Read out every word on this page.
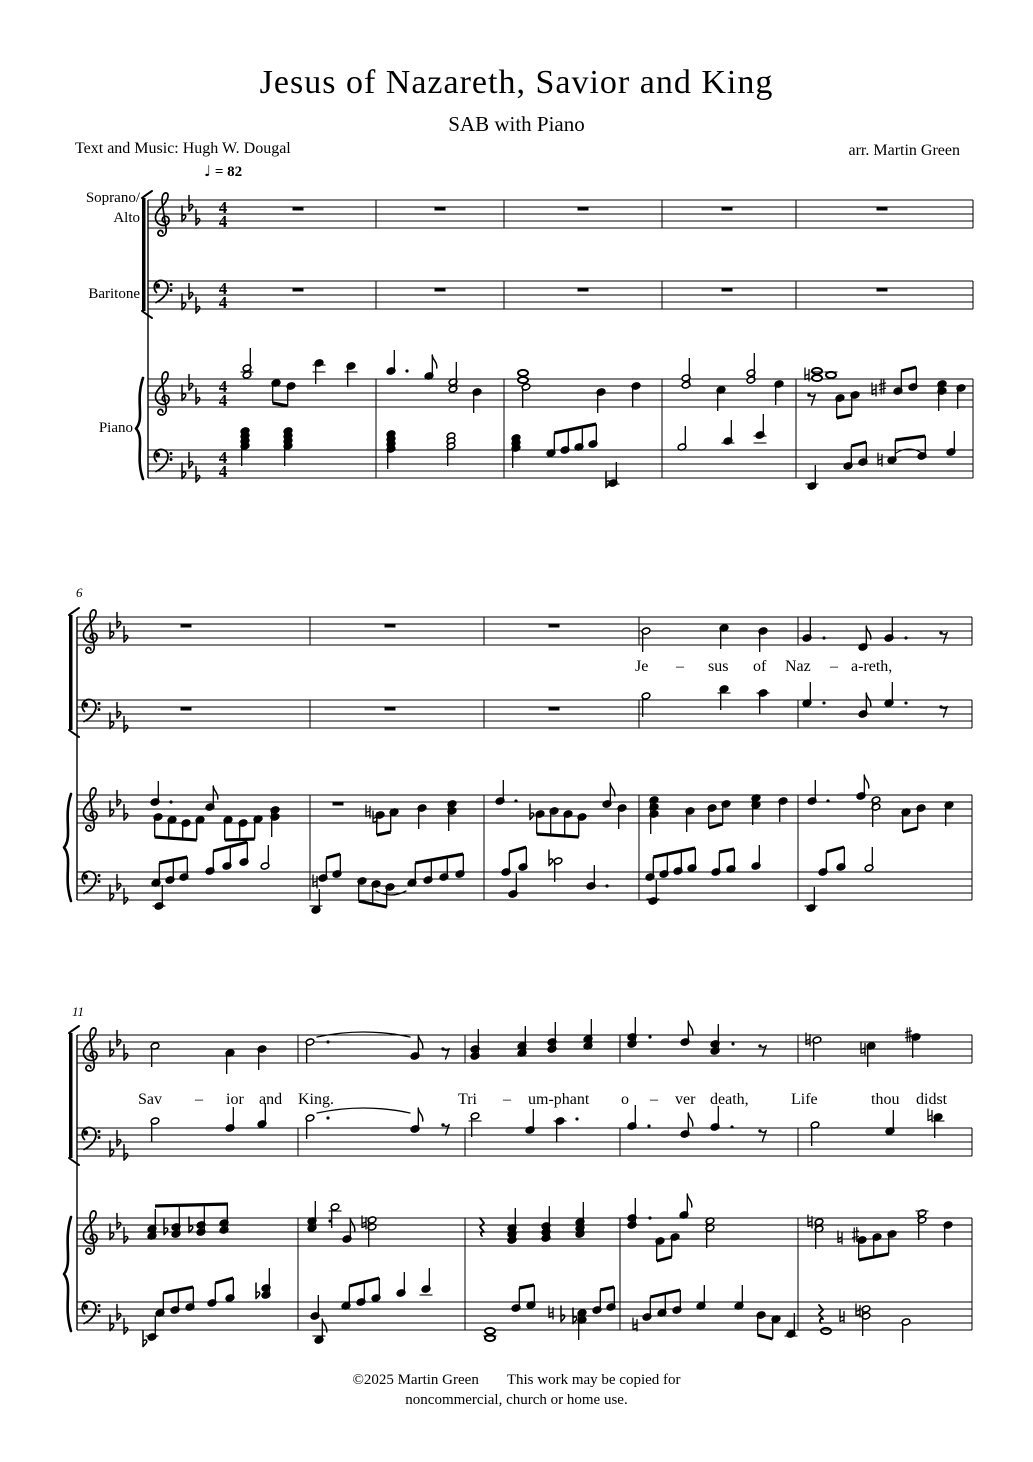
Jesus of Nazareth, Savior and King
SAB with Piano
Text and Music: Hugh W. Dougal	arr. Martin Green
♩ = 82
Soprano/
Alto
Baritone
Piano
6
11
4
4
4
4
4
4
4
4
Je – sus of Naz – a-reth,
Sav – ior and King.	Tri – um-phant o – ver death,	Life	thou didst
©2025 Martin Green This work may be copied for
noncommercial, church or home use.
